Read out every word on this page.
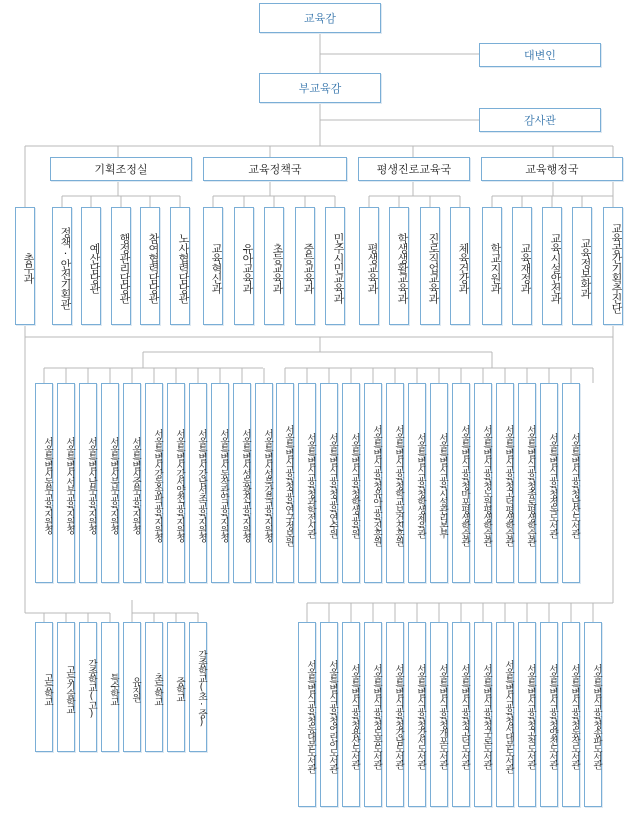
교육감
대변인
부교육감
감사관
기획조정실	교육정책국	평생진로교육국	교육행정국
총무과	정책·안전기획관	예산담당관	행정관리담당관	참여협력담당관	노사협력담당관	교육혁신과	유아교육과	초등교육과	중등교육과	민주시민교육과	평생교육과	학생생활교육과	진로직업교육과	체육건강과	학교지원과	교육재정과	교육시설안전과	교육정보화과	교육공간기획추진단
서울특별시동부교육지원청	서울특별시서부교육지원청	서울특별시남부교육지원청	서울특별시북부교육지원청	서울특별시중부교육지원청	서울특별시강동송파교육지원청	서울특별시강서양천교육지원청	서울특별시강남서초교육지원청	서울특별시동작관악교육지원청	서울특별시성동광진교육지원청	서울특별시성북강북교육지원청	서울특별시교육청교육연구정보원	서울특별시교육청과학전시관	서울특별시교육청교육연수원	서울특별시교육청학생교육원	서울특별시교육청유아교육진흥원	서울특별시교육청학교보건진흥원	서울특별시교육청학생체육관	서울특별시교육시설관리본부	서울특별시교육청마포평생학습관	서울특별시교육청노원평생학습관	서울특별시교육청고덕평생학습관	서울특별시교육청종로평생학습관	서울특별시교육청정독도서관	서울특별시교육청남산도서관
고등학교	고등기술학교	각종학교(고)	특수학교	유치원	초등학교	중학교	각종학교(초·중)	서울특별시교육청동대문도서관	서울특별시교육청어린이도서관	서울특별시교육청용산도서관	서울특별시교육청도봉도서관	서울특별시교육청강남도서관	서울특별시교육청강서도서관	서울특별시교육청개포도서관	서울특별시교육청고덕도서관	서울특별시교육청구로도서관	서울특별시교육청서대문도서관	서울특별시교육청고척도서관	서울특별시교육청양천도서관	서울특별시교육청동작도서관	서울특별시교육청송파도서관
